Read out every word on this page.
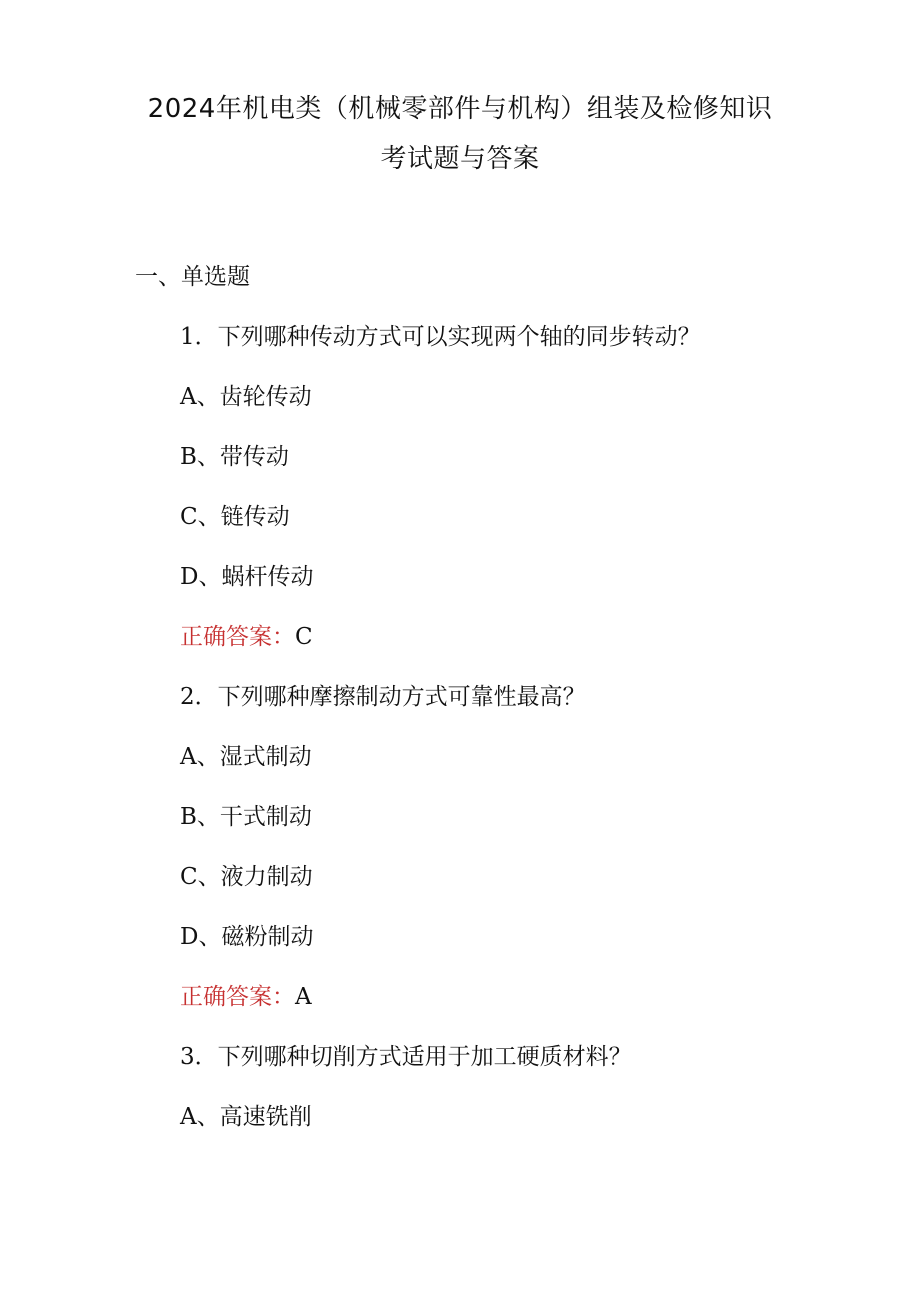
2024年机电类（机械零部件与机构）组装及检修知识
考试题与答案
一、单选题
1．下列哪种传动方式可以实现两个轴的同步转动？
A、齿轮传动
B、带传动
C、链传动
D、蜗杆传动
正确答案：C
2．下列哪种摩擦制动方式可靠性最高？
A、湿式制动
B、干式制动
C、液力制动
D、磁粉制动
正确答案：A
3．下列哪种切削方式适用于加工硬质材料？
A、高速铣削
